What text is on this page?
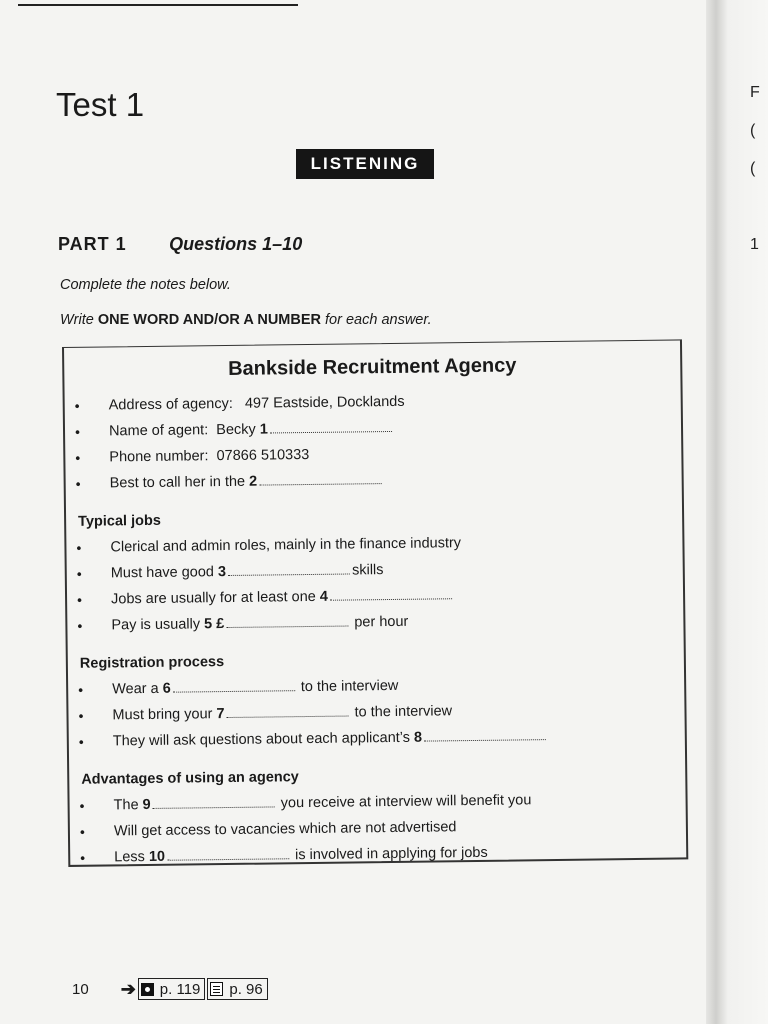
F
(
(
1
Test 1
LISTENING
PART 1 Questions 1–10
Complete the notes below.
Write ONE WORD AND/OR A NUMBER for each answer.
Bankside Recruitment Agency
• Address of agency: 497 Eastside, Docklands
• Name of agent: Becky 1
• Phone number: 07866 510333
• Best to call her in the 2
Typical jobs
• Clerical and admin roles, mainly in the finance industry
• Must have good 3	skills
• Jobs are usually for at least one 4
• Pay is usually 5 £	per hour
Registration process
• Wear a 6	to the interview
• Must bring your 7	to the interview
• They will ask questions about each applicant’s 8
Advantages of using an agency
• The 9	you receive at interview will benefit you
• Will get access to vacancies which are not advertised
• Less 10	is involved in applying for jobs
10 ➔ p. 119 p. 96
